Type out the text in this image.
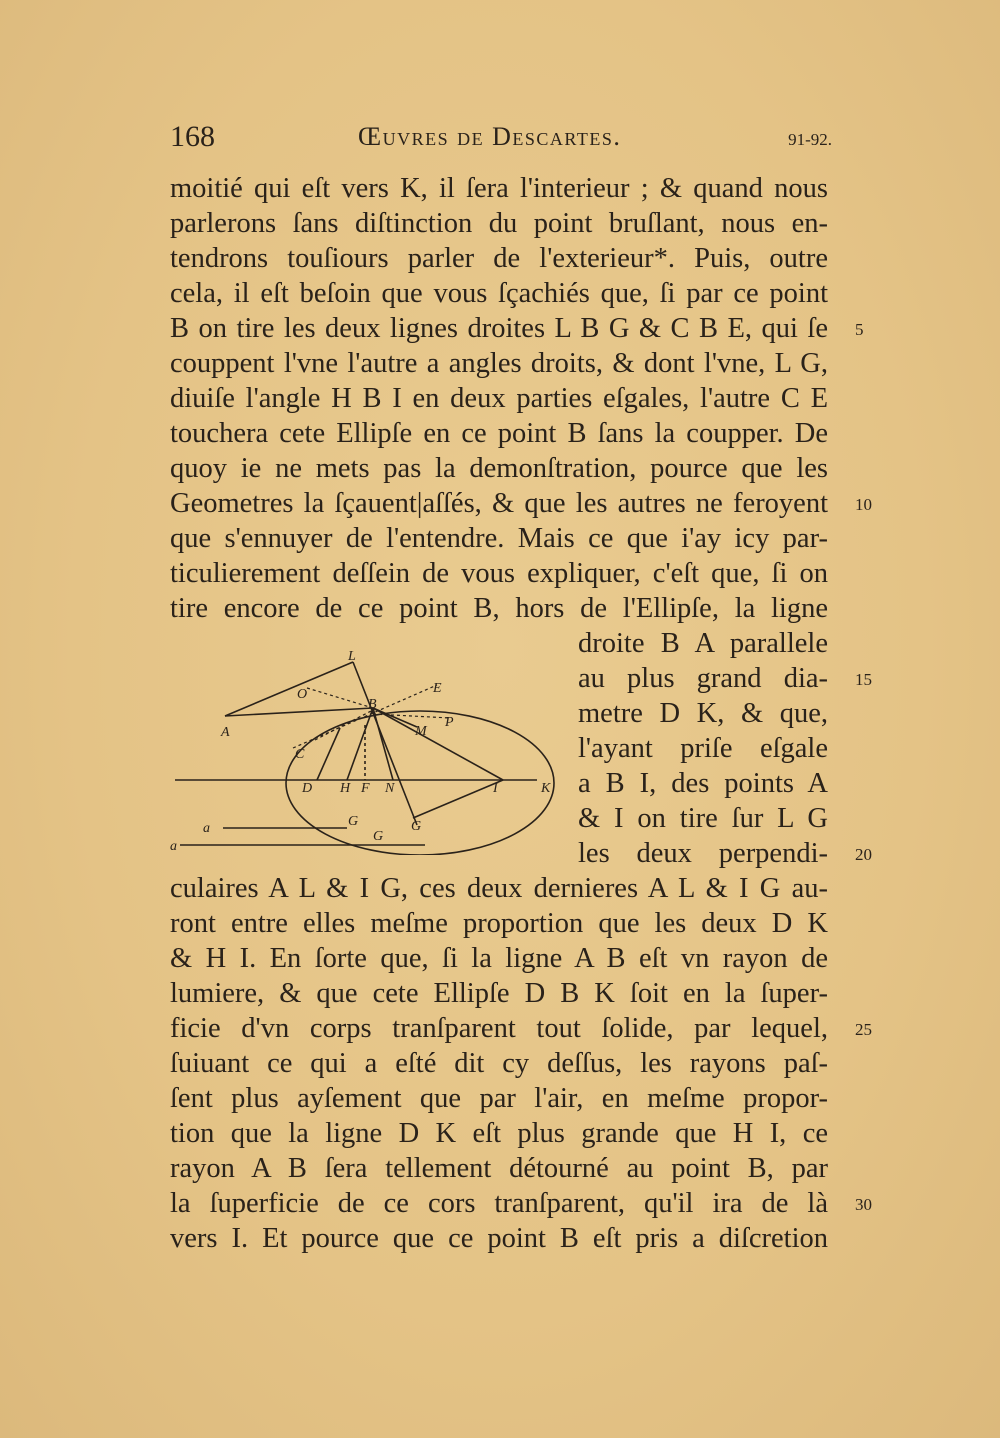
168	Œuvres de Descartes.	91-92.
moitié qui eſt vers K, il ſera l'interieur ; & quand nous
parlerons ſans diſtinction du point bruſlant, nous en-
tendrons touſiours parler de l'exterieur*. Puis, outre
cela, il eſt beſoin que vous ſçachiés que, ſi par ce point
B on tire les deux lignes droites L B G & C B E, qui ſe
couppent l'vne l'autre a angles droits, & dont l'vne, L G,
diuiſe l'angle H B I en deux parties eſgales, l'autre C E
touchera cete Ellipſe en ce point B ſans la coupper. De
quoy ie ne mets pas la demonſtration, pource que les
Geometres la ſçauent|aſſés, & que les autres ne feroyent
que s'ennuyer de l'entendre. Mais ce que i'ay icy par-
ticulierement deſſein de vous expliquer, c'eſt que, ſi on
tire encore de ce point B, hors de l'Ellipſe, la ligne
droite B A parallele
au plus grand dia-
metre D K, & que,
l'ayant priſe eſgale
a B I, des points A
& I on tire ſur L G
les deux perpendi-
culaires A L & I G, ces deux dernieres A L & I G au-
ront entre elles meſme proportion que les deux D K
& H I. En ſorte que, ſi la ligne A B eſt vn rayon de
lumiere, & que cete Ellipſe D B K ſoit en la ſuper-
ficie d'vn corps tranſparent tout ſolide, par lequel,
ſuiuant ce qui a eſté dit cy deſſus, les rayons paſ-
ſent plus ayſement que par l'air, en meſme propor-
tion que la ligne D K eſt plus grande que H I, ce
rayon A B ſera tellement détourné au point B, par
la ſuperficie de ce cors tranſparent, qu'il ira de là
vers I. Et pource que ce point B eſt pris a diſcretion
5
10
15
20
25
30
L
E
O
B
A	M
P
C
D H F N	I	K
a
a
G
G
G
